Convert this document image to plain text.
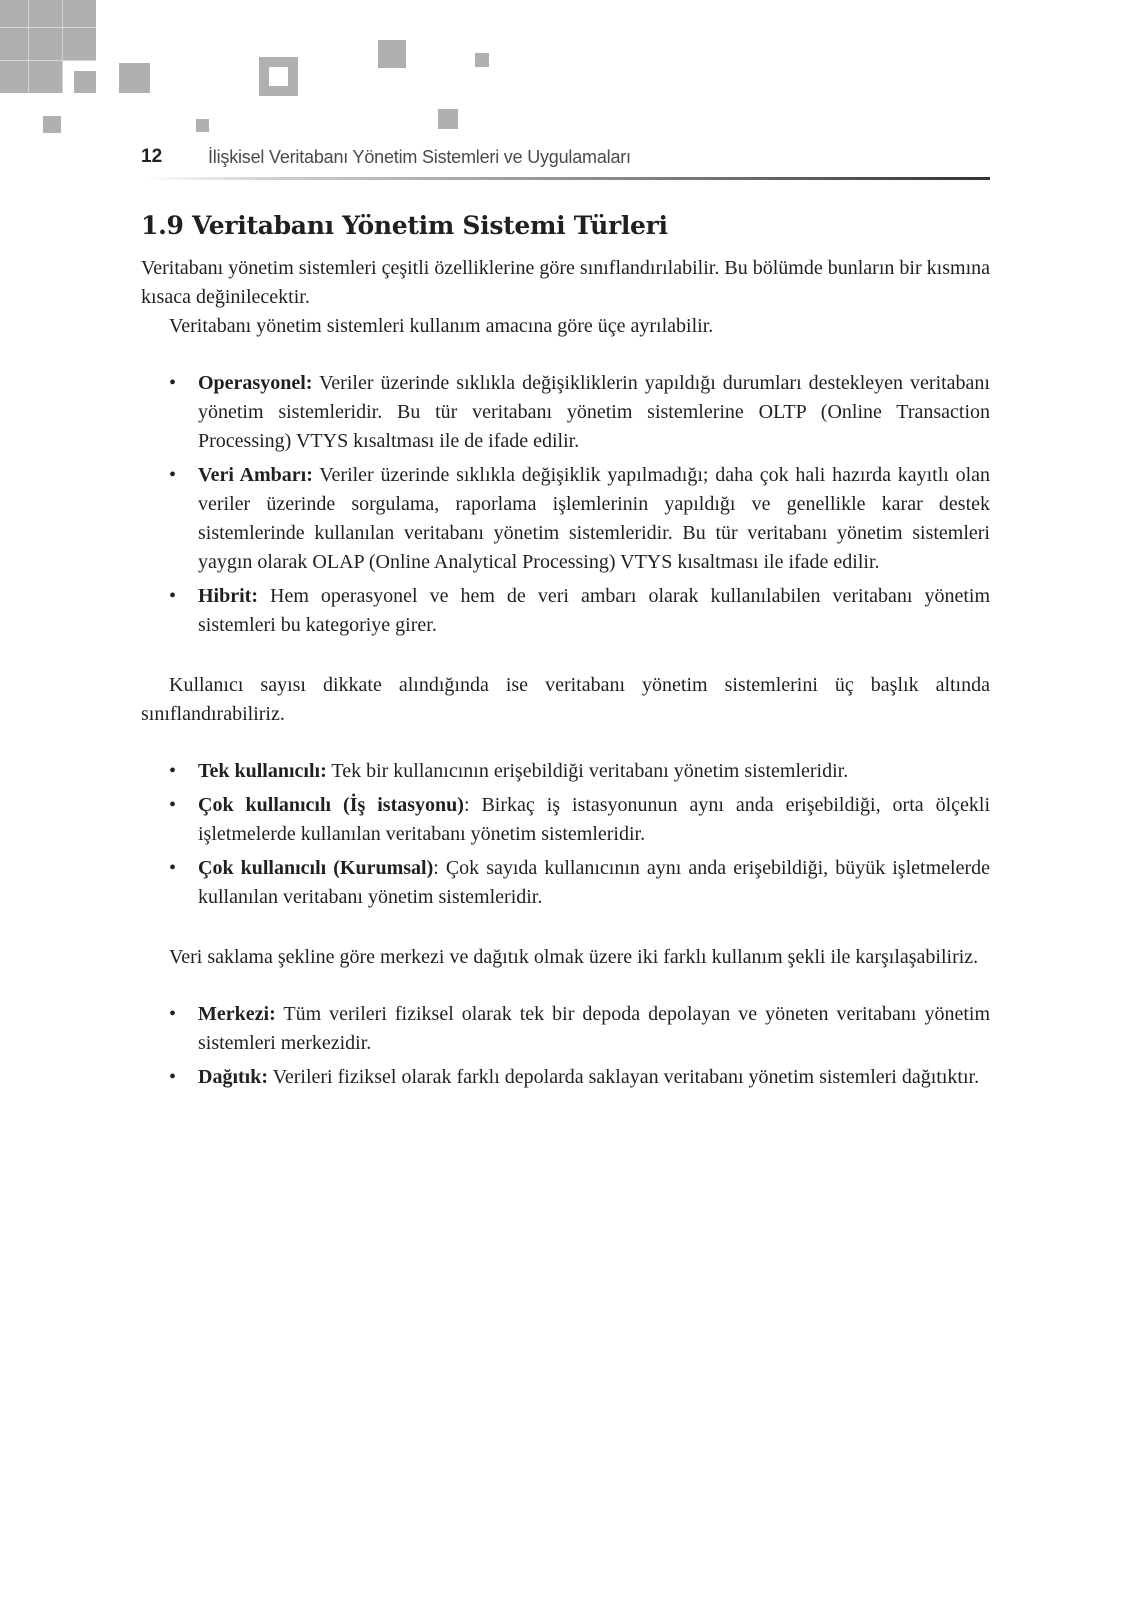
12	İlişkisel Veritabanı Yönetim Sistemleri ve Uygulamaları
1.9 Veritabanı Yönetim Sistemi Türleri

Veritabanı yönetim sistemleri çeşitli özelliklerine göre sınıflandırılabilir. Bu bölümde bunların bir kısmına kısaca değinilecektir.

Veritabanı yönetim sistemleri kullanım amacına göre üçe ayrılabilir.

• Operasyonel: Veriler üzerinde sıklıkla değişikliklerin yapıldığı durumları destekleyen veritabanı yönetim sistemleridir. Bu tür veritabanı yönetim sistemlerine OLTP (Online Transaction Processing) VTYS kısaltması ile de ifade edilir.
• Veri Ambarı: Veriler üzerinde sıklıkla değişiklik yapılmadığı; daha çok hali hazırda kayıtlı olan veriler üzerinde sorgulama, raporlama işlemlerinin yapıldığı ve genellikle karar destek sistemlerinde kullanılan veritabanı yönetim sistemleridir. Bu tür veritabanı yönetim sistemleri yaygın olarak OLAP (Online Analytical Processing) VTYS kısaltması ile ifade edilir.
• Hibrit: Hem operasyonel ve hem de veri ambarı olarak kullanılabilen veritabanı yönetim sistemleri bu kategoriye girer.

Kullanıcı sayısı dikkate alındığında ise veritabanı yönetim sistemlerini üç başlık altında sınıflandırabiliriz.

• Tek kullanıcılı: Tek bir kullanıcının erişebildiği veritabanı yönetim sistemleridir.
• Çok kullanıcılı (İş istasyonu): Birkaç iş istasyonunun aynı anda erişebildiği, orta ölçekli işletmelerde kullanılan veritabanı yönetim sistemleridir.
• Çok kullanıcılı (Kurumsal): Çok sayıda kullanıcının aynı anda erişebildiği, büyük işletmelerde kullanılan veritabanı yönetim sistemleridir.

Veri saklama şekline göre merkezi ve dağıtık olmak üzere iki farklı kullanım şekli ile karşılaşabiliriz.

• Merkezi: Tüm verileri fiziksel olarak tek bir depoda depolayan ve yöneten veritabanı yönetim sistemleri merkezidir.
• Dağıtık: Verileri fiziksel olarak farklı depolarda saklayan veritabanı yönetim sistemleri dağıtıktır.
